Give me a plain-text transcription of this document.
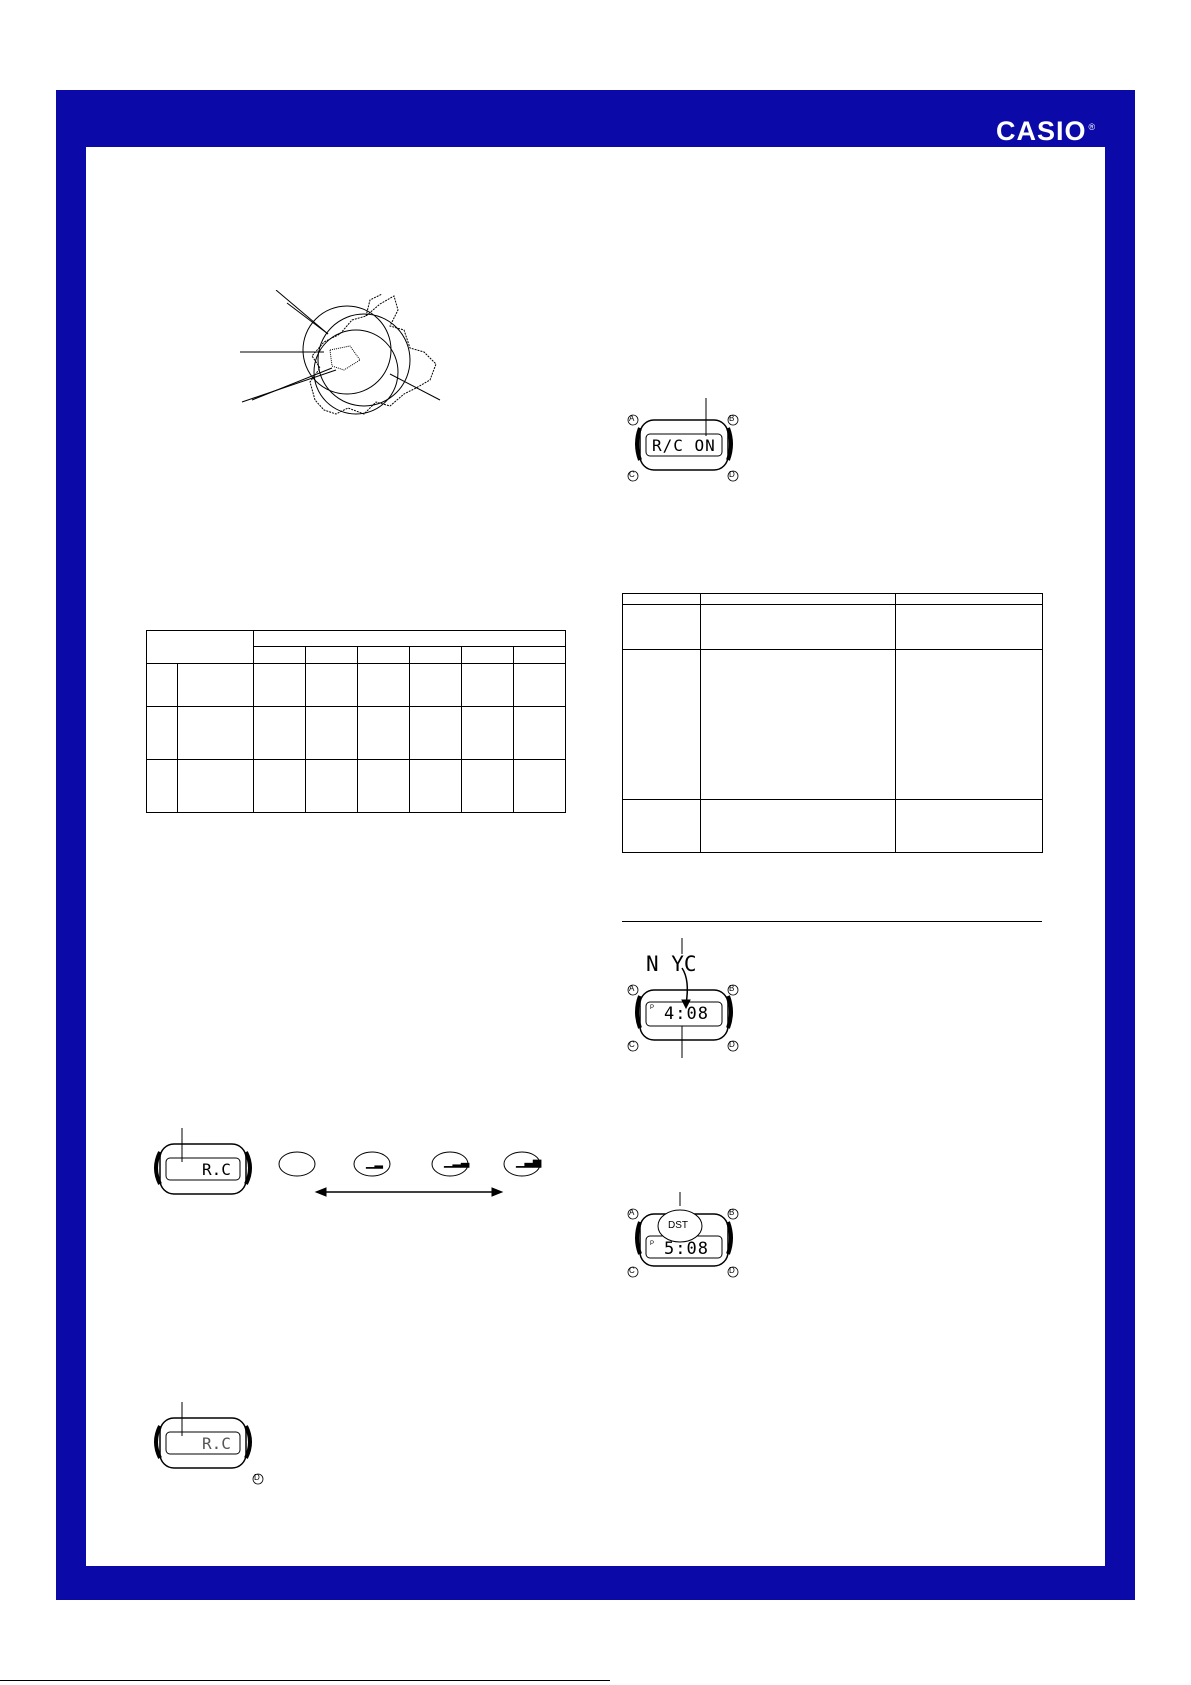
CASIO ®

A	B
C	D
R/C ON
R.C	▁▂	▁▂▃	▁▃▅
R.C
D
N YC
P 4:08
A	B
C	D
DST
P 5:08
A	B
C	D
